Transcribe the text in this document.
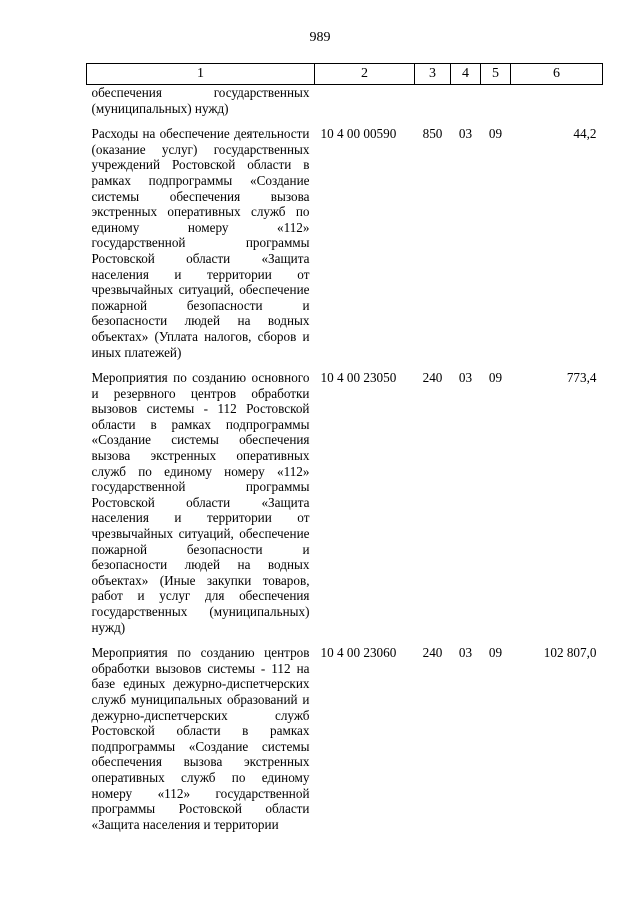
989
1	2	3	4	5	6
обеспечения государственных (муниципальных) нужд)					
Расходы на обеспечение деятельности (оказание услуг) государственных учреждений Ростовской области в рамках подпрограммы «Создание системы обеспечения вызова экстренных оперативных служб по единому номеру «112» государственной программы Ростовской области «Защита населения и территории от чрезвычайных ситуаций, обеспечение пожарной безопасности и безопасности людей на водных объектах» (Уплата налогов, сборов и иных платежей)	10 4 00 00590	850	03	09	44,2
Мероприятия по созданию основного и резервного центров обработки вызовов системы - 112 Ростовской области в рамках подпрограммы «Создание системы обеспечения вызова экстренных оперативных служб по единому номеру «112» государственной программы Ростовской области «Защита населения и территории от чрезвычайных ситуаций, обеспечение пожарной безопасности и безопасности людей на водных объектах» (Иные закупки товаров, работ и услуг для обеспечения государственных (муниципальных) нужд)	10 4 00 23050	240	03	09	773,4
Мероприятия по созданию центров обработки вызовов системы - 112 на базе единых дежурно-диспетчерских служб муниципальных образований и дежурно-диспетчерских служб Ростовской области в рамках подпрограммы «Создание системы обеспечения вызова экстренных оперативных служб по единому номеру «112» государственной программы Ростовской области «Защита населения и территории	10 4 00 23060	240	03	09	102 807,0
